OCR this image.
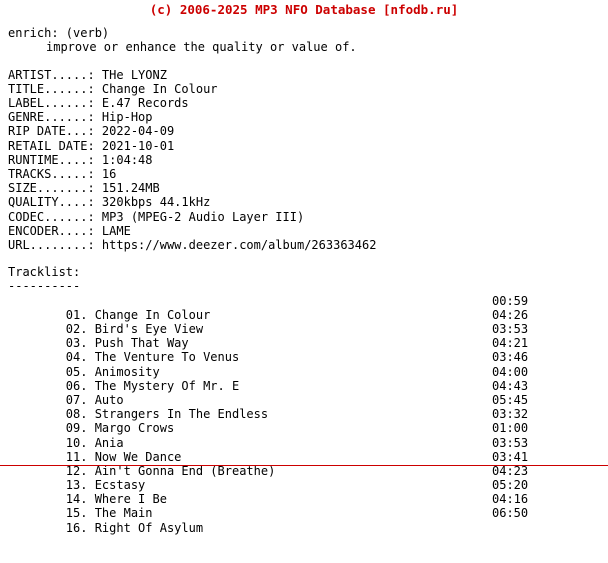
(c) 2006-2025 MP3 NFO Database [nfodb.ru]
enrich: (verb)
improve or enhance the quality or value of.
ARTIST.....: THe LYONZ
TITLE......: Change In Colour
LABEL......: E.47 Records
GENRE......: Hip-Hop
RIP DATE...: 2022-04-09
RETAIL DATE: 2021-10-01
RUNTIME....: 1:04:48
TRACKS.....: 16
SIZE.......: 151.24MB
QUALITY....: 320kbps 44.1kHz
CODEC......: MP3 (MPEG-2 Audio Layer III)
ENCODER....: LAME
URL........: https://www.deezer.com/album/263363462
Tracklist:
----------

01. Change In Colour

00:59

02. Bird's Eye View

04:26

03. Push That Way

03:53

04. The Venture To Venus

04:21

05. Animosity

03:46

06. The Mystery Of Mr. E

04:00

07. Auto

04:43

08. Strangers In The Endless

05:45

09. Margo Crows

03:32

10. Ania

01:00

11. Now We Dance

03:53

12. Ain't Gonna End (Breathe)

03:41

13. Ecstasy

04:23

14. Where I Be

05:20

15. The Main

04:16

16. Right Of Asylum

06:50
